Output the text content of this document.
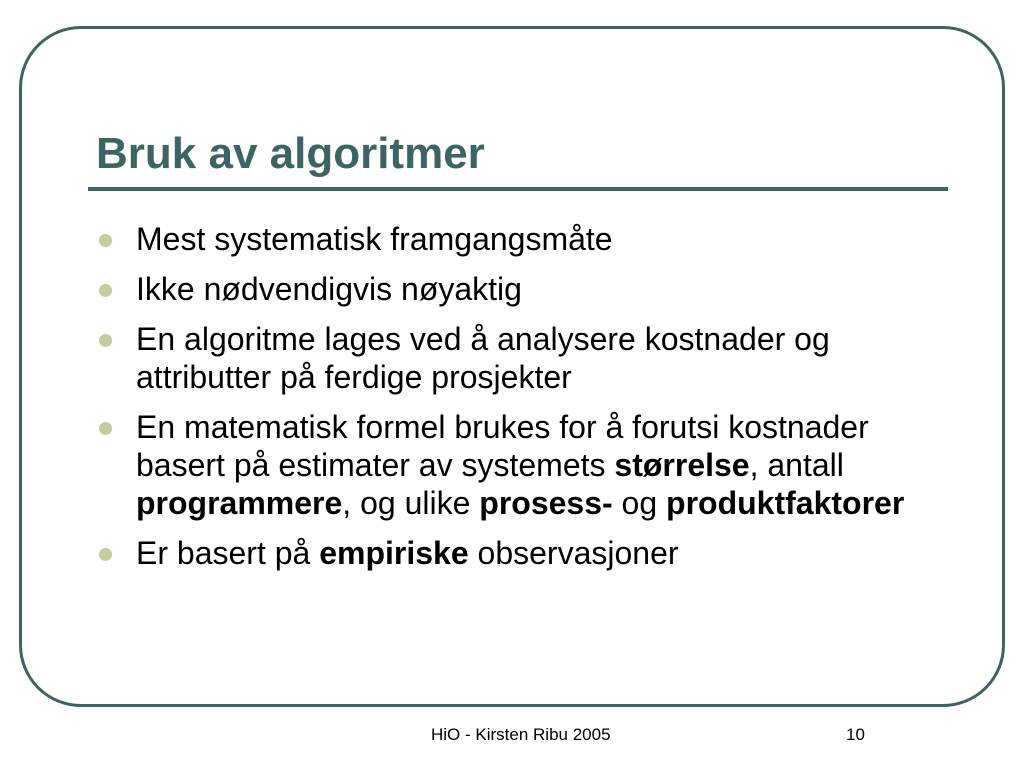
Bruk av algoritmer
Mest systematisk framgangsmåte
Ikke nødvendigvis nøyaktig
En algoritme lages ved å analysere kostnader og attributter på ferdige prosjekter
En matematisk formel brukes for å forutsi kostnader basert på estimater av systemets størrelse, antall programmere, og ulike prosess- og produktfaktorer
Er basert på empiriske observasjoner
HiO - Kirsten Ribu 2005	10
